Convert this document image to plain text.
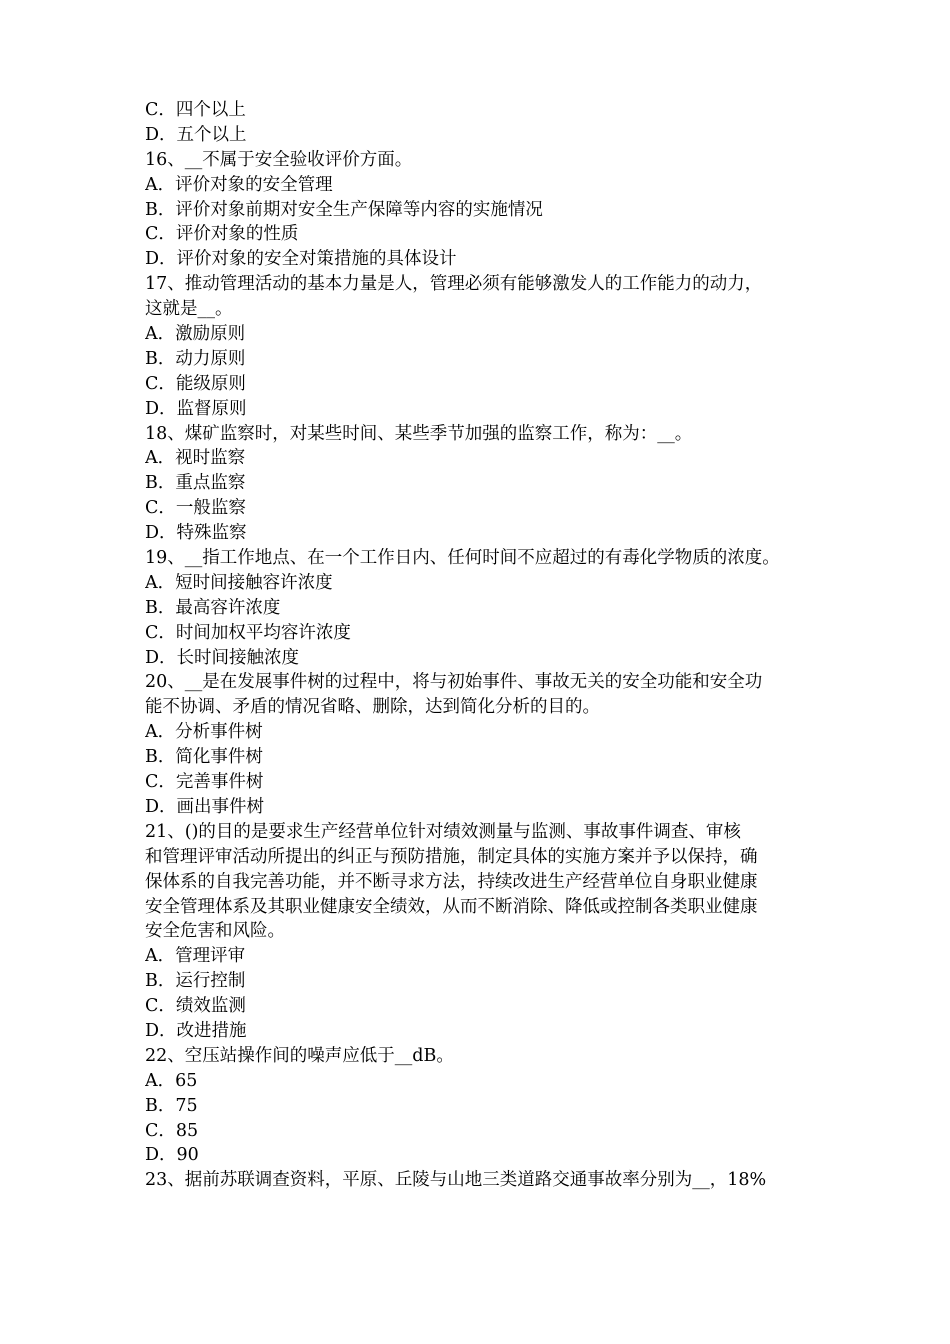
C．四个以上
D．五个以上
16、__不属于安全验收评价方面。
A．评价对象的安全管理
B．评价对象前期对安全生产保障等内容的实施情况
C．评价对象的性质
D．评价对象的安全对策措施的具体设计
17、推动管理活动的基本力量是人，管理必须有能够激发人的工作能力的动力，
这就是__。
A．激励原则
B．动力原则
C．能级原则
D．监督原则
18、煤矿监察时，对某些时间、某些季节加强的监察工作，称为：__。
A．视时监察
B．重点监察
C．一般监察
D．特殊监察
19、__指工作地点、在一个工作日内、任何时间不应超过的有毒化学物质的浓度。
A．短时间接触容许浓度
B．最高容许浓度
C．时间加权平均容许浓度
D．长时间接触浓度
20、__是在发展事件树的过程中，将与初始事件、事故无关的安全功能和安全功
能不协调、矛盾的情况省略、删除，达到简化分析的目的。
A．分析事件树
B．简化事件树
C．完善事件树
D．画出事件树
21、()的目的是要求生产经营单位针对绩效测量与监测、事故事件调查、审核
和管理评审活动所提出的纠正与预防措施，制定具体的实施方案并予以保持，确
保体系的自我完善功能，并不断寻求方法，持续改进生产经营单位自身职业健康
安全管理体系及其职业健康安全绩效，从而不断消除、降低或控制各类职业健康
安全危害和风险。
A．管理评审
B．运行控制
C．绩效监测
D．改进措施
22、空压站操作间的噪声应低于__dB。
A．65
B．75
C．85
D．90
23、据前苏联调查资料，平原、丘陵与山地三类道路交通事故率分别为__，18%
